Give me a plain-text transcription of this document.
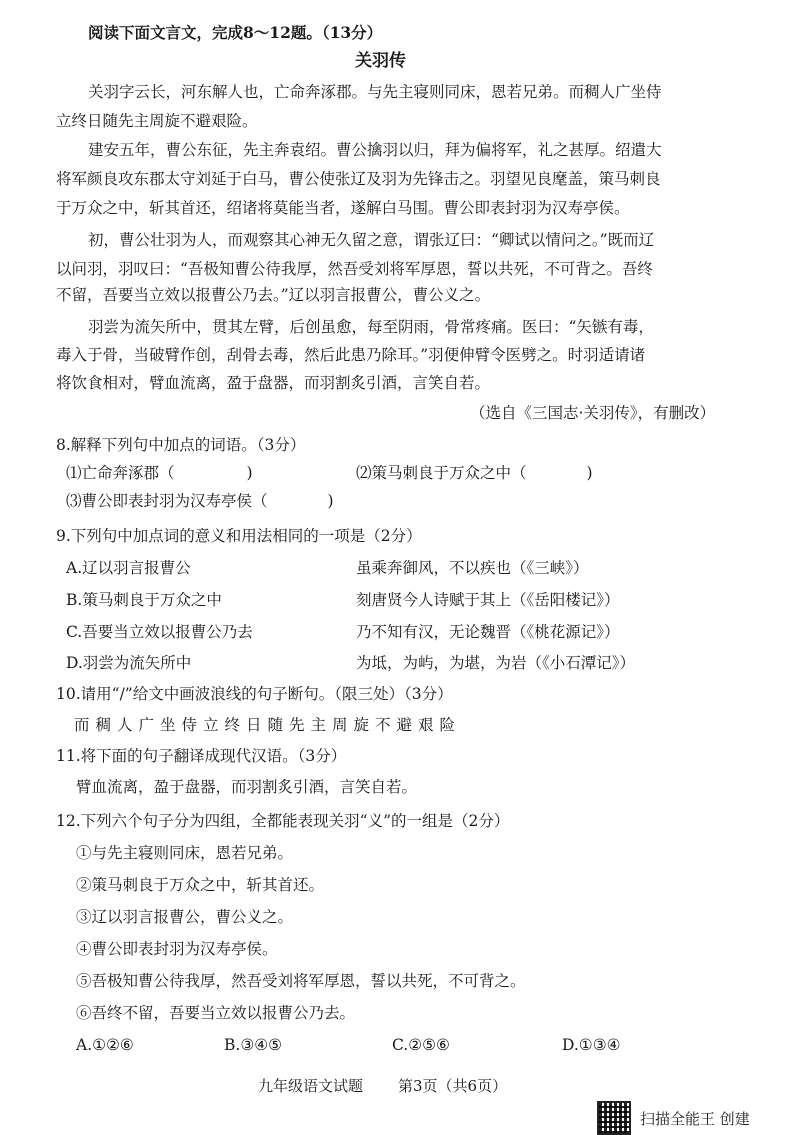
阅读下面文言文，完成8～12题。（13分）
关羽传
关羽字云长，河东解人也，亡命奔涿郡。与先主寝则同床，恩若兄弟。而稠人广坐侍
立终日随先主周旋不避艰险。
建安五年，曹公东征，先主奔袁绍。曹公擒羽以归，拜为偏将军，礼之甚厚。绍遣大
将军颜良攻东郡太守刘延于白马，曹公使张辽及羽为先锋击之。羽望见良麾盖，策马刺良
于万众之中，斩其首还，绍诸将莫能当者，遂解白马围。曹公即表封羽为汉寿亭侯。
初，曹公壮羽为人，而观察其心神无久留之意，谓张辽曰：“卿试以情问之。”既而辽
以问羽，羽叹曰：“吾极知曹公待我厚，然吾受刘将军厚恩，誓以共死，不可背之。吾终
不留，吾要当立效以报曹公乃去。”辽以羽言报曹公，曹公义之。
羽尝为流矢所中，贯其左臂，后创虽愈，每至阴雨，骨常疼痛。医曰：“矢镞有毒，
毒入于骨，当破臂作创，刮骨去毒，然后此患乃除耳。”羽便伸臂令医劈之。时羽适请诸
将饮食相对，臂血流离，盈于盘器，而羽割炙引酒，言笑自若。
（选自《三国志·关羽传》，有删改）
8.解释下列句中加点的词语。（3分）
⑴亡命奔涿郡（	)	⑵策马刺良于万众之中（	)
⑶曹公即表封羽为汉寿亭侯（	)
9.下列句中加点词的意义和用法相同的一项是（2分）
A.辽以羽言报曹公	虽乘奔御风，不以疾也（《三峡》）
B.策马刺良于万众之中	刻唐贤今人诗赋于其上（《岳阳楼记》）
C.吾要当立效以报曹公乃去	乃不知有汉，无论魏晋（《桃花源记》）
D.羽尝为流矢所中	为坻，为屿，为堪，为岩（《小石潭记》）
10.请用“/”给文中画波浪线的句子断句。（限三处）（3分）
而稠人广坐侍立终日随先主周旋不避艰险
11.将下面的句子翻译成现代汉语。（3分）
臂血流离，盈于盘器，而羽割炙引酒，言笑自若。
12.下列六个句子分为四组，全都能表现关羽“义”的一组是（2分）
①与先主寝则同床，恩若兄弟。
②策马刺良于万众之中，斩其首还。
③辽以羽言报曹公，曹公义之。
④曹公即表封羽为汉寿亭侯。
⑤吾极知曹公待我厚，然吾受刘将军厚恩，誓以共死，不可背之。
⑥吾终不留，吾要当立效以报曹公乃去。
A.①②⑥	B.③④⑤	C.②⑤⑥	D.①③④
九年级语文试题 第3页（共6页）
扫描全能王 创建
